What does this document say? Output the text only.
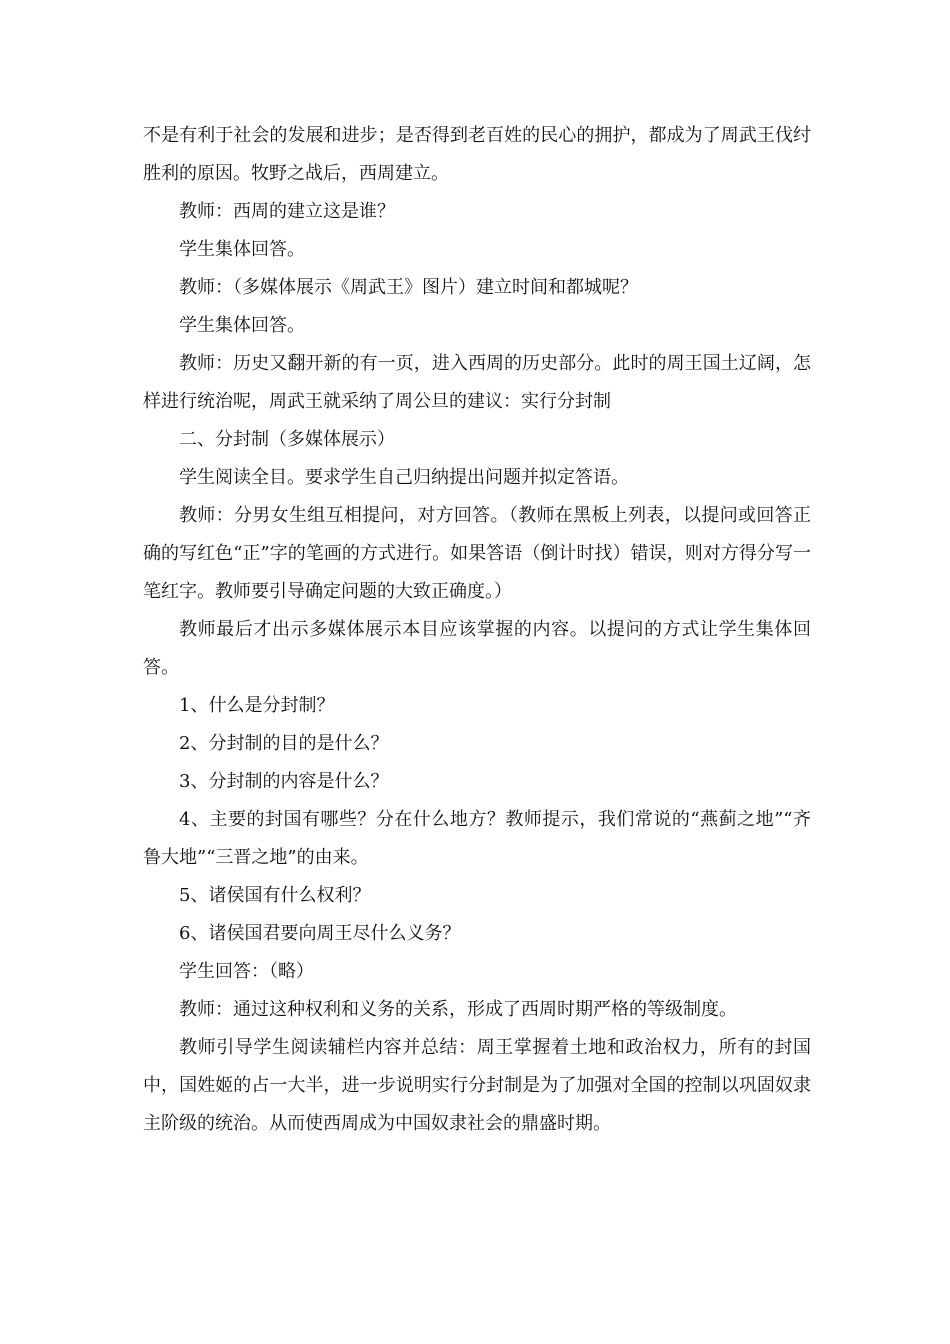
不是有利于社会的发展和进步；是否得到老百姓的民心的拥护，都成为了周武王伐纣胜利的原因。牧野之战后，西周建立。

教师：西周的建立这是谁？

学生集体回答。

教师：（多媒体展示《周武王》图片）建立时间和都城呢？

学生集体回答。

教师：历史又翻开新的有一页，进入西周的历史部分。此时的周王国土辽阔，怎样进行统治呢，周武王就采纳了周公旦的建议：实行分封制

二、分封制（多媒体展示）

学生阅读全目。要求学生自己归纳提出问题并拟定答语。

教师：分男女生组互相提问，对方回答。（教师在黑板上列表，以提问或回答正确的写红色“正”字的笔画的方式进行。如果答语（倒计时找）错误，则对方得分写一笔红字。教师要引导确定问题的大致正确度。）

教师最后才出示多媒体展示本目应该掌握的内容。以提问的方式让学生集体回答。

1、什么是分封制？

2、分封制的目的是什么？

3、分封制的内容是什么？

4、主要的封国有哪些？分在什么地方？教师提示，我们常说的“燕蓟之地”“齐鲁大地”“三晋之地”的由来。

5、诸侯国有什么权利？

6、诸侯国君要向周王尽什么义务？

学生回答：（略）

教师：通过这种权利和义务的关系，形成了西周时期严格的等级制度。

教师引导学生阅读辅栏内容并总结：周王掌握着土地和政治权力，所有的封国中，国姓姬的占一大半，进一步说明实行分封制是为了加强对全国的控制以巩固奴隶主阶级的统治。从而使西周成为中国奴隶社会的鼎盛时期。
